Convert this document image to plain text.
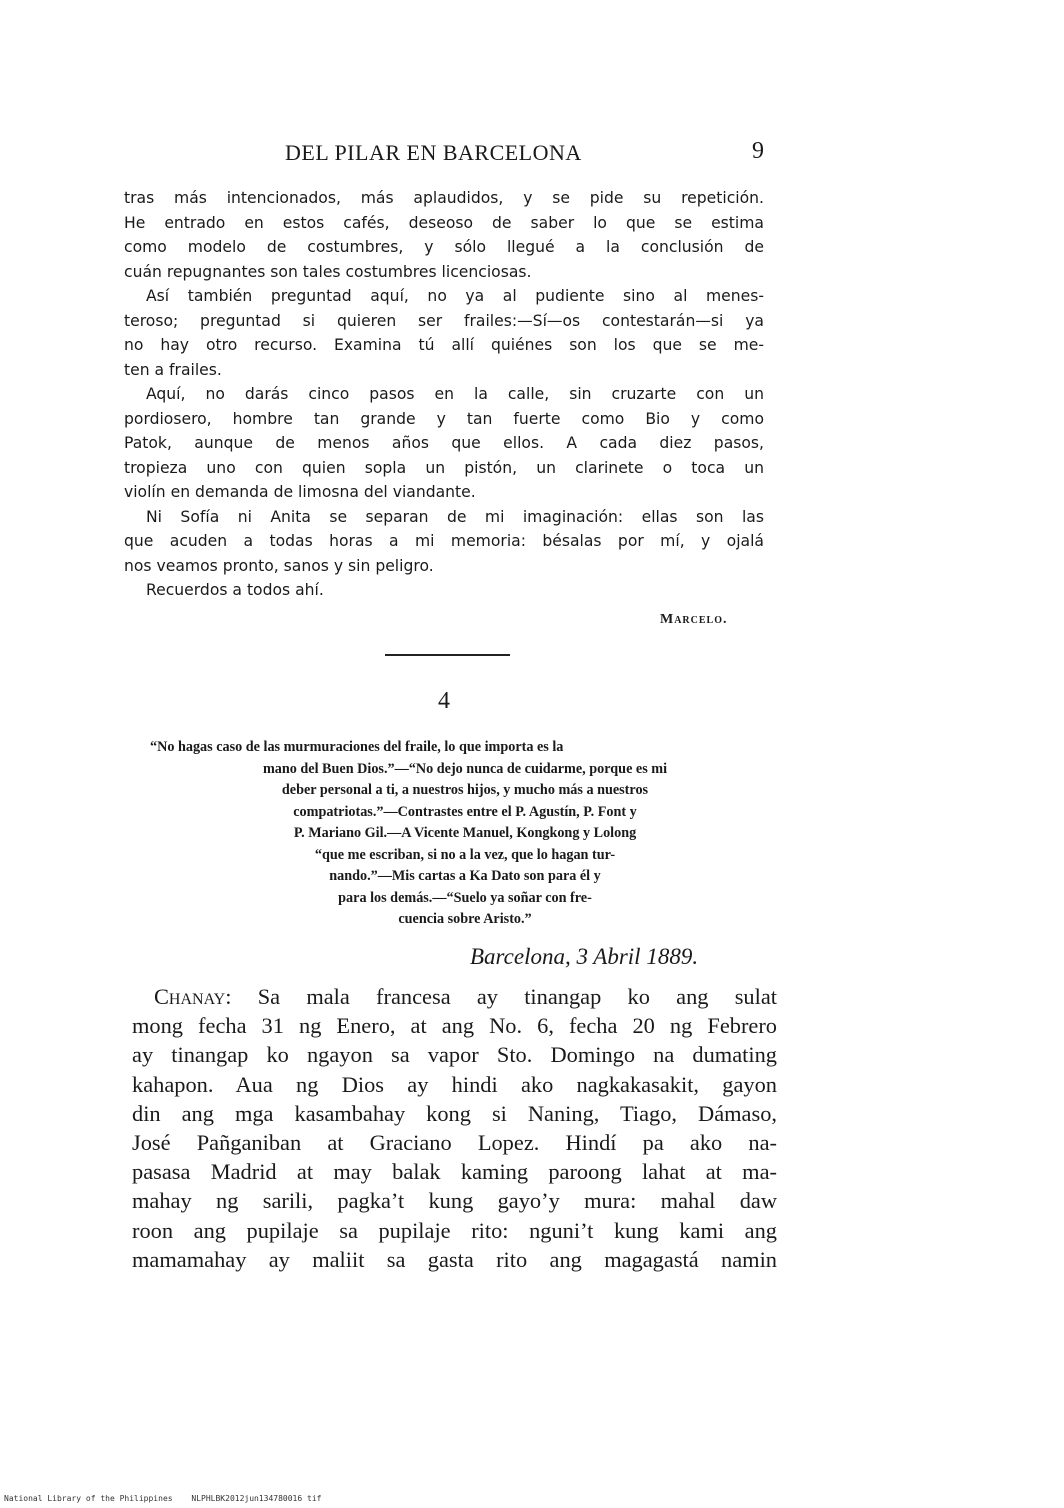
DEL PILAR EN BARCELONA	9

tras más intencionados, más aplaudidos, y se pide su repetición.
He entrado en estos cafés, deseoso de saber lo que se estima
como modelo de costumbres, y sólo llegué a la conclusión de
cuán repugnantes son tales costumbres licenciosas.

Así también preguntad aquí, no ya al pudiente sino al menes-
teroso; preguntad si quieren ser frailes:—Sí—os contestarán—si ya
no hay otro recurso. Examina tú allí quiénes son los que se me-
ten a frailes.

Aquí, no darás cinco pasos en la calle, sin cruzarte con un
pordiosero, hombre tan grande y tan fuerte como Bio y como
Patok, aunque de menos años que ellos. A cada diez pasos,
tropieza uno con quien sopla un pistón, un clarinete o toca un
violín en demanda de limosna del viandante.

Ni Sofía ni Anita se separan de mi imaginación: ellas son las
que acuden a todas horas a mi memoria: bésalas por mí, y ojalá
nos veamos pronto, sanos y sin peligro.

Recuerdos a todos ahí.

Marcelo.
4
“No hagas caso de las murmuraciones del fraile, lo que importa es la
mano del Buen Dios.”—“No dejo nunca de cuidarme, porque es mi
deber personal a ti, a nuestros hijos, y mucho más a nuestros
compatriotas.”—Contrastes entre el P. Agustín, P. Font y
P. Mariano Gil.—A Vicente Manuel, Kongkong y Lolong
“que me escriban, si no a la vez, que lo hagan tur-
nando.”—Mis cartas a Ka Dato son para él y
para los demás.—“Suelo ya soñar con fre-
cuencia sobre Aristo.”
Barcelona, 3 Abril 1889.
Chanay: Sa mala francesa ay tinangap ko ang sulat
mong fecha 31 ng Enero, at ang No. 6, fecha 20 ng Febrero
ay tinangap ko ngayon sa vapor Sto. Domingo na dumating
kahapon. Aua ng Dios ay hindi ako nagkakasakit, gayon
din ang mga kasambahay kong si Naning, Tiago, Dámaso,
José Pañganiban at Graciano Lopez. Hindí pa ako na-
pasasa Madrid at may balak kaming paroong lahat at ma-
mahay ng sarili, pagka’t kung gayo’y mura: mahal daw
roon ang pupilaje sa pupilaje rito: nguni’t kung kami ang
mamamahay ay maliit sa gasta rito ang magagastá namin
National Library of the Philippines NLPHLBK2012jun134780016 tif
